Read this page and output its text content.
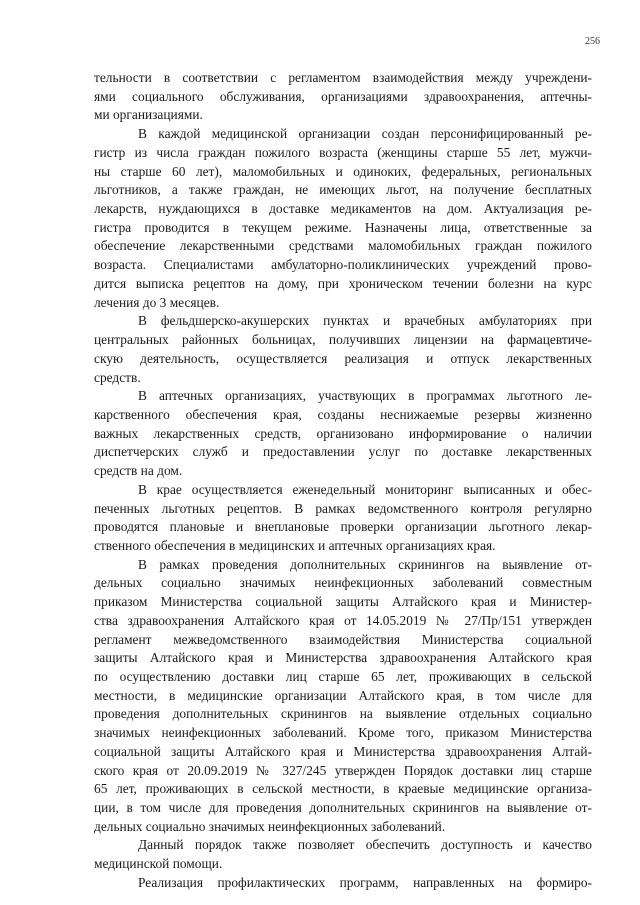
256
тельности в соответствии с регламентом взаимодействия между учреждени-
ями социального обслуживания, организациями здравоохранения, аптечны-
ми организациями.
В каждой медицинской организации создан персонифицированный ре-
гистр из числа граждан пожилого возраста (женщины старше 55 лет, мужчи-
ны старше 60 лет), маломобильных и одиноких, федеральных, региональных
льготников, а также граждан, не имеющих льгот, на получение бесплатных
лекарств, нуждающихся в доставке медикаментов на дом. Актуализация ре-
гистра проводится в текущем режиме. Назначены лица, ответственные за
обеспечение лекарственными средствами маломобильных граждан пожилого
возраста. Специалистами амбулаторно-поликлинических учреждений прово-
дится выписка рецептов на дому, при хроническом течении болезни на курс
лечения до 3 месяцев.
В фельдшерско-акушерских пунктах и врачебных амбулаториях при
центральных районных больницах, получивших лицензии на фармацевтиче-
скую деятельность, осуществляется реализация и отпуск лекарственных
средств.
В аптечных организациях, участвующих в программах льготного ле-
карственного обеспечения края, созданы неснижаемые резервы жизненно
важных лекарственных средств, организовано информирование о наличии
диспетчерских служб и предоставлении услуг по доставке лекарственных
средств на дом.
В крае осуществляется еженедельный мониторинг выписанных и обес-
печенных льготных рецептов. В рамках ведомственного контроля регулярно
проводятся плановые и внеплановые проверки организации льготного лекар-
ственного обеспечения в медицинских и аптечных организациях края.
В рамках проведения дополнительных скринингов на выявление от-
дельных социально значимых неинфекционных заболеваний совместным
приказом Министерства социальной защиты Алтайского края и Министер-
ства здравоохранения Алтайского края от 14.05.2019 № 27/Пр/151 утвержден
регламент межведомственного взаимодействия Министерства социальной
защиты Алтайского края и Министерства здравоохранения Алтайского края
по осуществлению доставки лиц старше 65 лет, проживающих в сельской
местности, в медицинские организации Алтайского края, в том числе для
проведения дополнительных скринингов на выявление отдельных социально
значимых неинфекционных заболеваний. Кроме того, приказом Министерства
социальной защиты Алтайского края и Министерства здравоохранения Алтай-
ского края от 20.09.2019 № 327/245 утвержден Порядок доставки лиц старше
65 лет, проживающих в сельской местности, в краевые медицинские организа-
ции, в том числе для проведения дополнительных скринингов на выявление от-
дельных социально значимых неинфекционных заболеваний.
Данный порядок также позволяет обеспечить доступность и качество
медицинской помощи.
Реализация профилактических программ, направленных на формиро-
